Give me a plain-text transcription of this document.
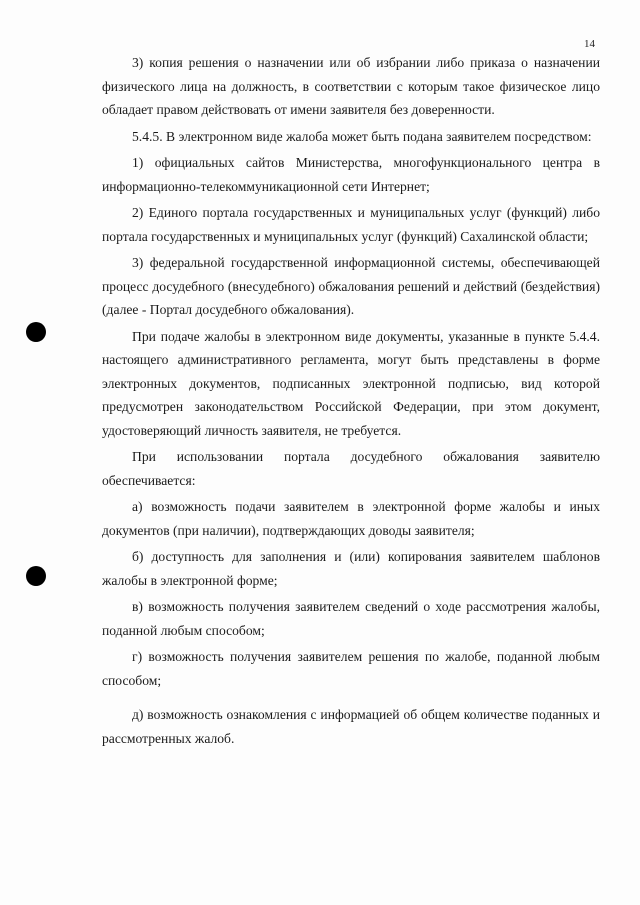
14

3) копия решения о назначении или об избрании либо приказа о назначении физического лица на должность, в соответствии с которым такое физическое лицо обладает правом действовать от имени заявителя без доверенности.

5.4.5. В электронном виде жалоба может быть подана заявителем посредством:

1) официальных сайтов Министерства, многофункционального центра в информационно-телекоммуникационной сети Интернет;

2) Единого портала государственных и муниципальных услуг (функций) либо портала государственных и муниципальных услуг (функций) Сахалинской области;

3) федеральной государственной информационной системы, обеспечивающей процесс досудебного (внесудебного) обжалования решений и действий (бездействия) (далее - Портал досудебного обжалования).

При подаче жалобы в электронном виде документы, указанные в пункте 5.4.4. настоящего административного регламента, могут быть представлены в форме электронных документов, подписанных электронной подписью, вид которой предусмотрен законодательством Российской Федерации, при этом документ, удостоверяющий личность заявителя, не требуется.

При использовании портала досудебного обжалования заявителю обеспечивается:

а) возможность подачи заявителем в электронной форме жалобы и иных документов (при наличии), подтверждающих доводы заявителя;

б) доступность для заполнения и (или) копирования заявителем шаблонов жалобы в электронной форме;

в) возможность получения заявителем сведений о ходе рассмотрения жалобы, поданной любым способом;

г) возможность получения заявителем решения по жалобе, поданной любым способом;

д) возможность ознакомления с информацией об общем количестве поданных и рассмотренных жалоб.
